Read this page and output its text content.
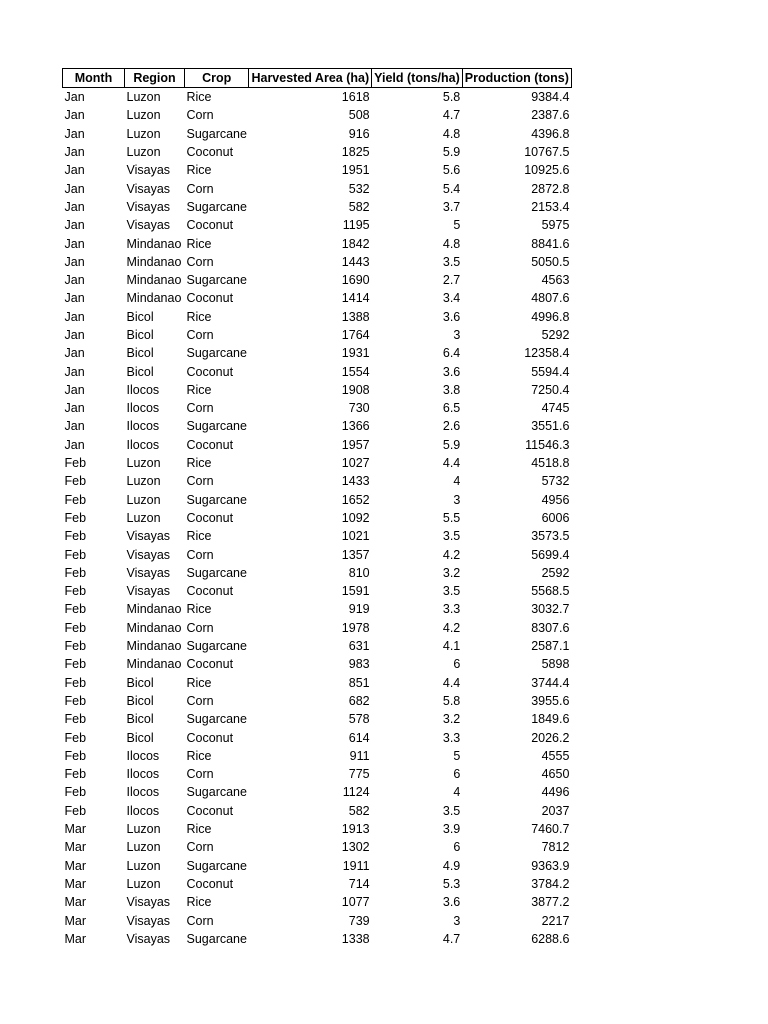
Month	Region	Crop	Harvested Area (ha)	Yield (tons/ha)	Production (tons)
Jan	Luzon	Rice	1618	5.8	9384.4
Jan	Luzon	Corn	508	4.7	2387.6
Jan	Luzon	Sugarcane	916	4.8	4396.8
Jan	Luzon	Coconut	1825	5.9	10767.5
Jan	Visayas	Rice	1951	5.6	10925.6
Jan	Visayas	Corn	532	5.4	2872.8
Jan	Visayas	Sugarcane	582	3.7	2153.4
Jan	Visayas	Coconut	1195	5	5975
Jan	Mindanao	Rice	1842	4.8	8841.6
Jan	Mindanao	Corn	1443	3.5	5050.5
Jan	Mindanao	Sugarcane	1690	2.7	4563
Jan	Mindanao	Coconut	1414	3.4	4807.6
Jan	Bicol	Rice	1388	3.6	4996.8
Jan	Bicol	Corn	1764	3	5292
Jan	Bicol	Sugarcane	1931	6.4	12358.4
Jan	Bicol	Coconut	1554	3.6	5594.4
Jan	Ilocos	Rice	1908	3.8	7250.4
Jan	Ilocos	Corn	730	6.5	4745
Jan	Ilocos	Sugarcane	1366	2.6	3551.6
Jan	Ilocos	Coconut	1957	5.9	11546.3
Feb	Luzon	Rice	1027	4.4	4518.8
Feb	Luzon	Corn	1433	4	5732
Feb	Luzon	Sugarcane	1652	3	4956
Feb	Luzon	Coconut	1092	5.5	6006
Feb	Visayas	Rice	1021	3.5	3573.5
Feb	Visayas	Corn	1357	4.2	5699.4
Feb	Visayas	Sugarcane	810	3.2	2592
Feb	Visayas	Coconut	1591	3.5	5568.5
Feb	Mindanao	Rice	919	3.3	3032.7
Feb	Mindanao	Corn	1978	4.2	8307.6
Feb	Mindanao	Sugarcane	631	4.1	2587.1
Feb	Mindanao	Coconut	983	6	5898
Feb	Bicol	Rice	851	4.4	3744.4
Feb	Bicol	Corn	682	5.8	3955.6
Feb	Bicol	Sugarcane	578	3.2	1849.6
Feb	Bicol	Coconut	614	3.3	2026.2
Feb	Ilocos	Rice	911	5	4555
Feb	Ilocos	Corn	775	6	4650
Feb	Ilocos	Sugarcane	1124	4	4496
Feb	Ilocos	Coconut	582	3.5	2037
Mar	Luzon	Rice	1913	3.9	7460.7
Mar	Luzon	Corn	1302	6	7812
Mar	Luzon	Sugarcane	1911	4.9	9363.9
Mar	Luzon	Coconut	714	5.3	3784.2
Mar	Visayas	Rice	1077	3.6	3877.2
Mar	Visayas	Corn	739	3	2217
Mar	Visayas	Sugarcane	1338	4.7	6288.6
